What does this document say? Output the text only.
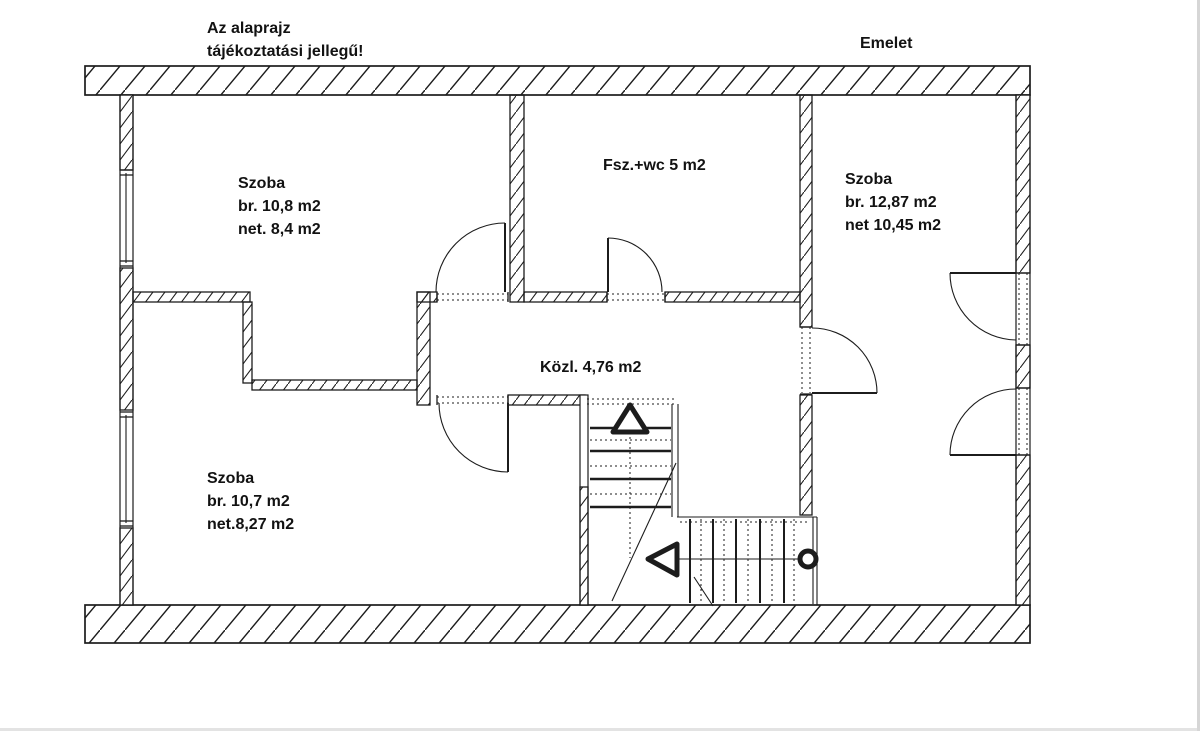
Az alaprajz
tájékoztatási jellegű!	Emelet
Szoba
br. 10,8 m2
net. 8,4 m2
Fsz.+wc 5 m2
Szoba
br. 12,87 m2
net 10,45 m2
Közl. 4,76 m2
Szoba
br. 10,7 m2
net.8,27 m2
